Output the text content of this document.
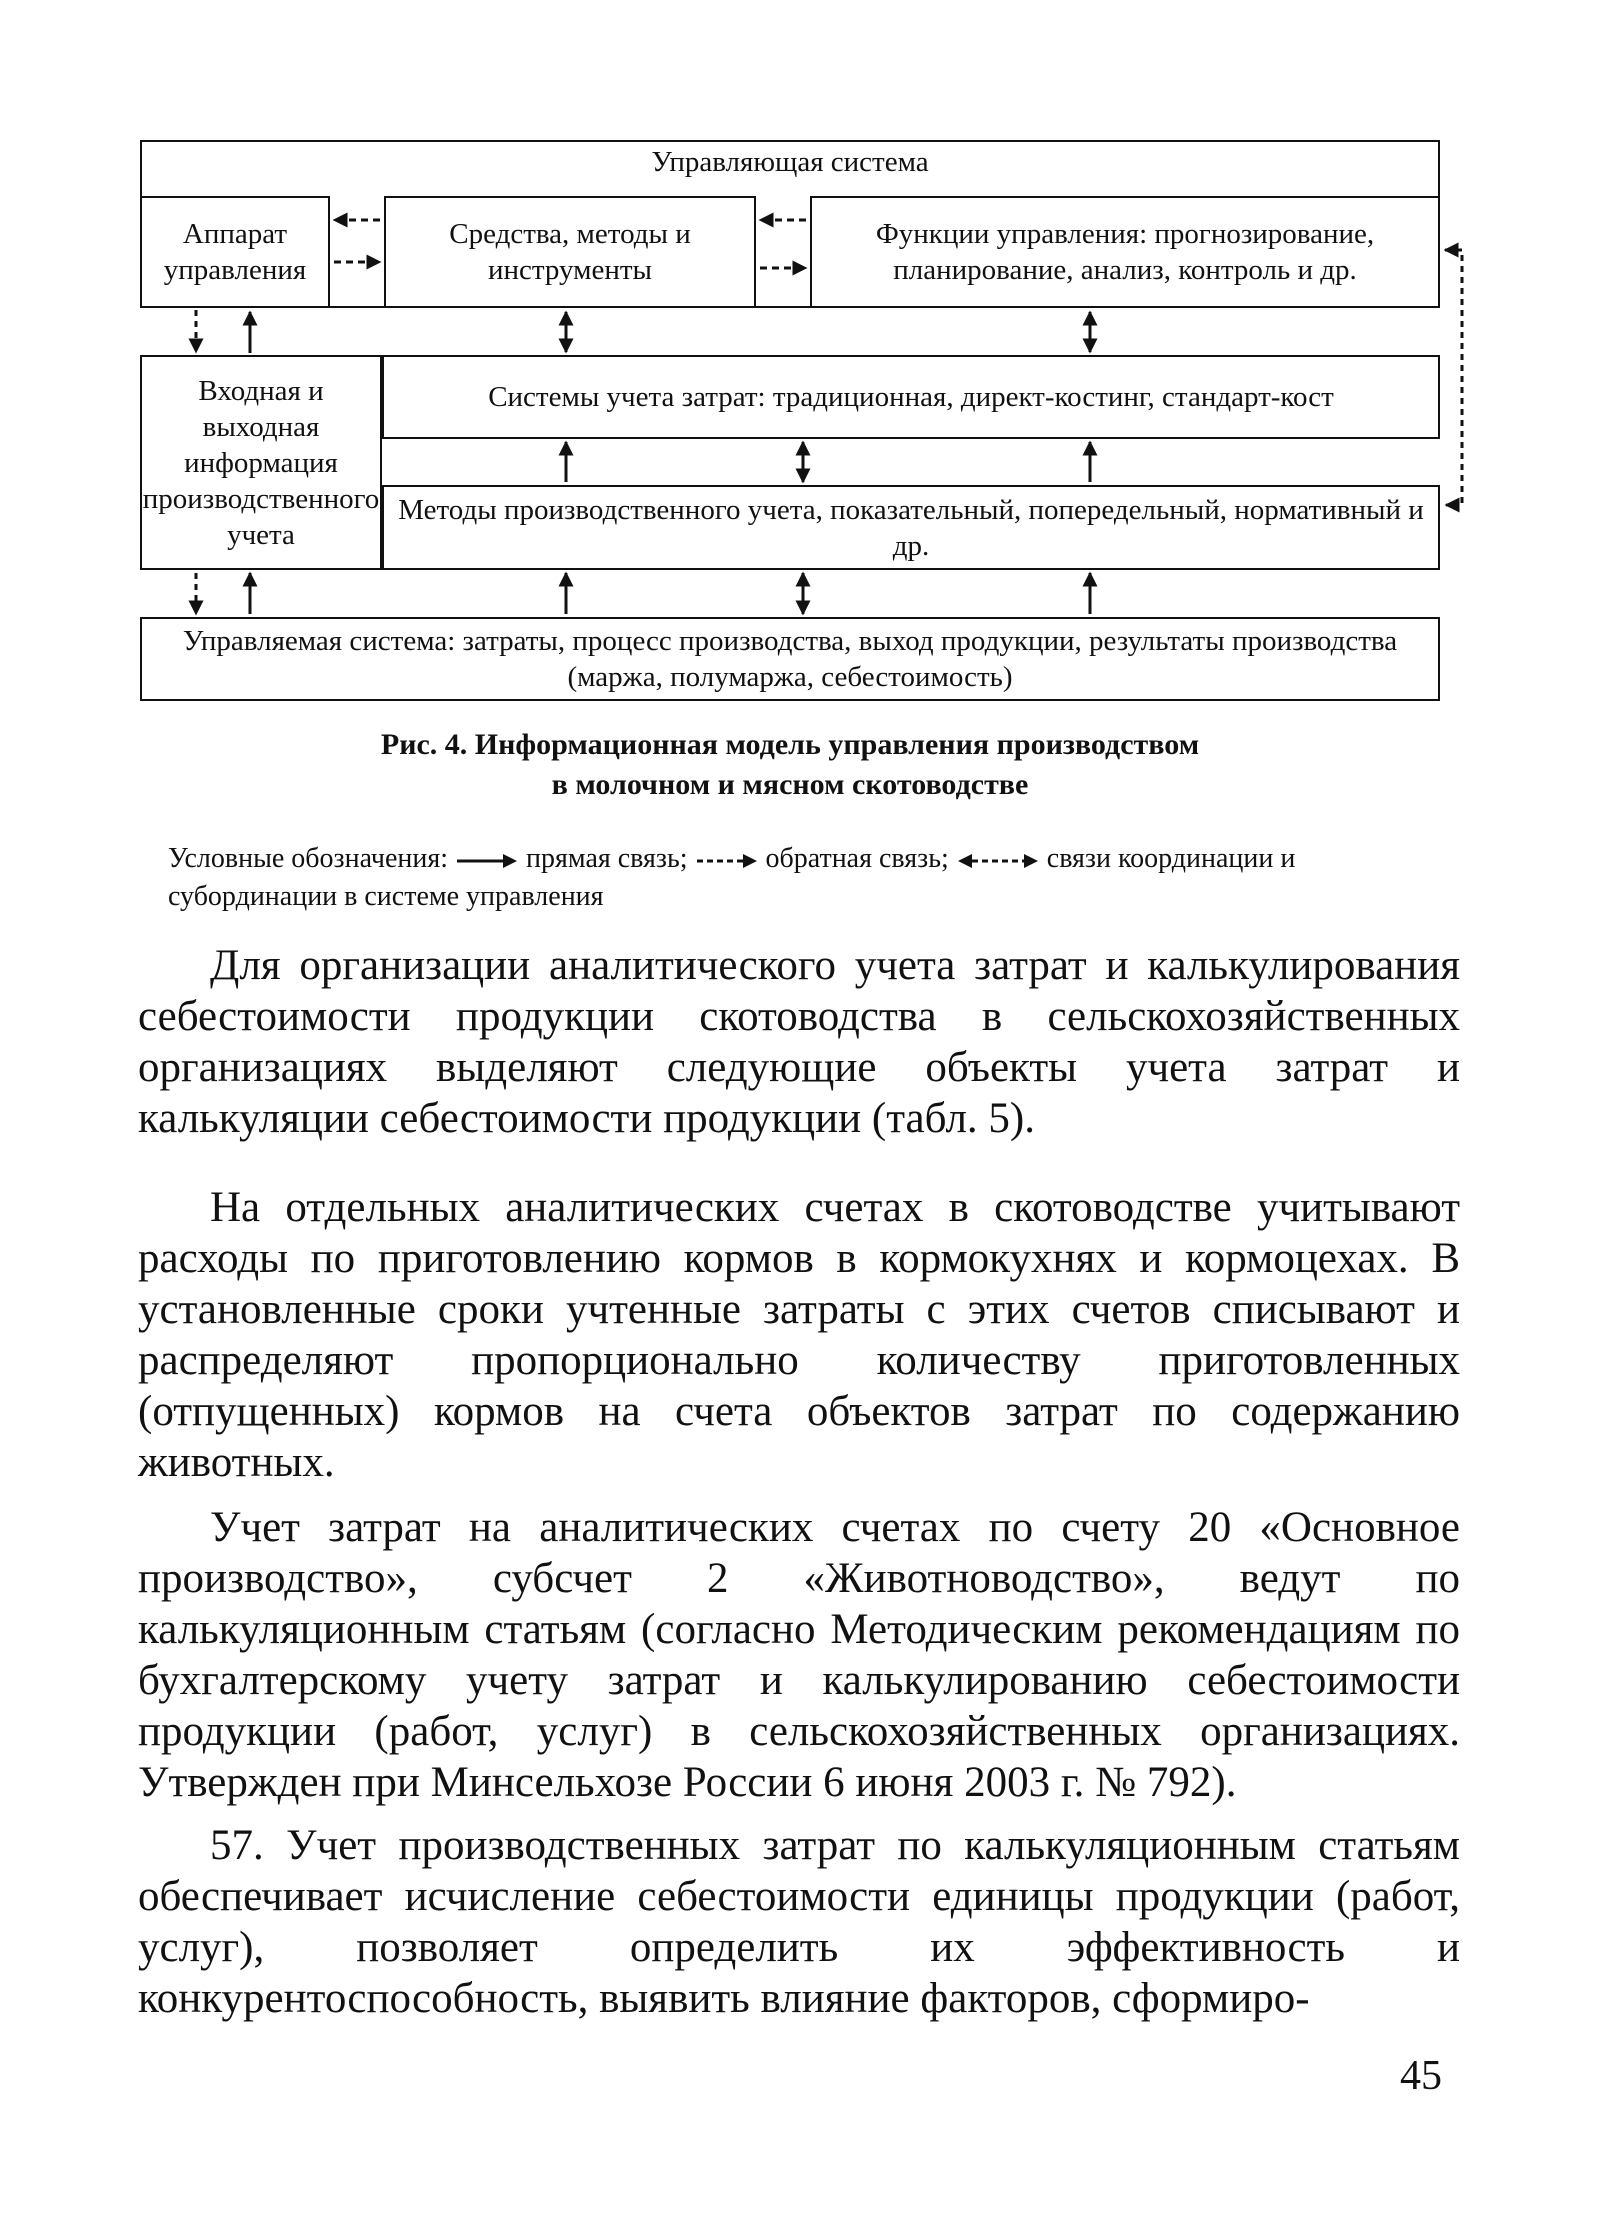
Управляющая система
Аппарат управления
Средства, методы и инструменты
Функции управления: прогнозирование, планирование, анализ, контроль и др.
Входная и выходная информация производственного учета
Системы учета затрат: традиционная, директ-костинг, стандарт-кост
Методы производственного учета, показательный, попередельный, нормативный и др.
Управляемая система: затраты, процесс производства, выход продукции, результаты производства (маржа, полумаржа, себестоимость)
Рис. 4. Информационная модель управления производством
в молочном и мясном скотоводстве
Условные обозначения:	прямая связь;	обратная связь;	связи координации и субординации в системе управления

Для организации аналитического учета затрат и калькулирования себестоимости продукции скотоводства в сельскохозяйственных организациях выделяют следующие объекты учета затрат и калькуляции себестоимости продукции (табл. 5).

На отдельных аналитических счетах в скотоводстве учитывают расходы по приготовлению кормов в кормокухнях и кормоцехах. В установленные сроки учтенные затраты с этих счетов списывают и распределяют пропорционально количеству приготовленных (отпущенных) кормов на счета объектов затрат по содержанию животных.

Учет затрат на аналитических счетах по счету 20 «Основное производство», субсчет 2 «Животноводство», ведут по калькуляционным статьям (согласно Методическим рекомендациям по бухгалтерскому учету затрат и калькулированию себестоимости продукции (работ, услуг) в сельскохозяйственных организациях. Утвержден при Минсельхозе России 6 июня 2003 г. № 792).

57. Учет производственных затрат по калькуляционным статьям обеспечивает исчисление себестоимости единицы продукции (работ, услуг), позволяет определить их эффективность и конкурентоспособность, выявить влияние факторов, сформиро-

45
